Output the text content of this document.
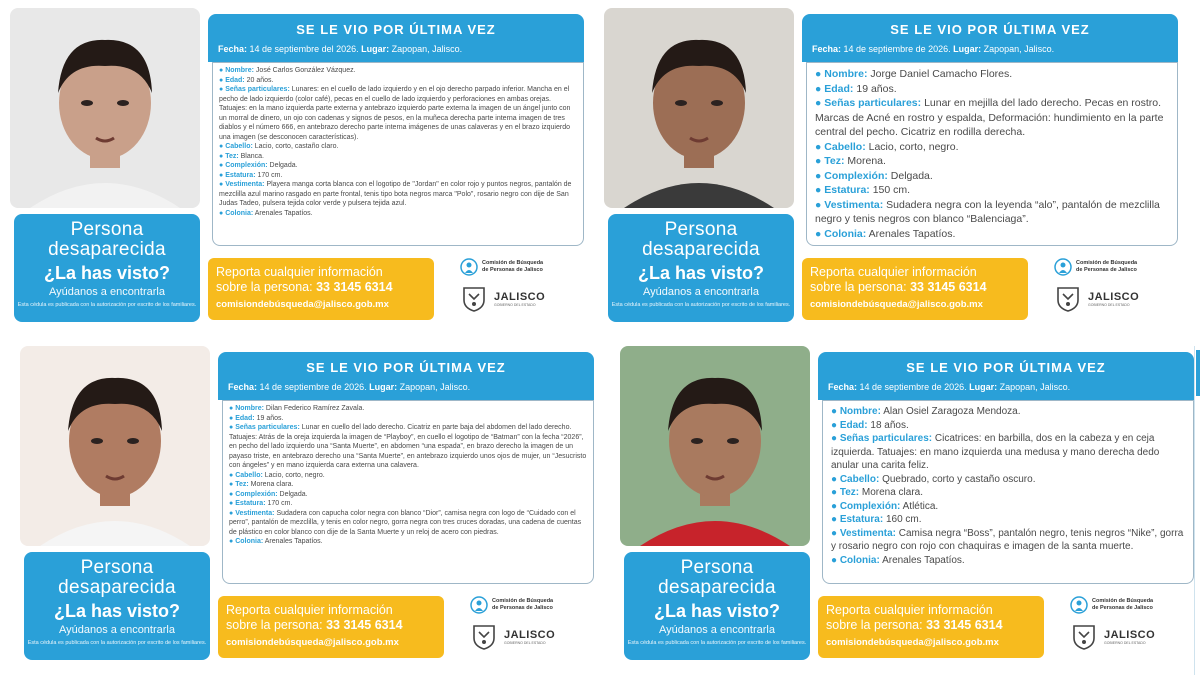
SE LE VIO POR ÚLTIMA VEZ
Fecha: 14 de septiembre del 2026. Lugar: Zapopan, Jalisco.
● Nombre: José Carlos González Vázquez.
● Edad: 20 años.
● Señas particulares: Lunares: en el cuello de lado izquierdo y en el ojo derecho parpado inferior. Mancha en el pecho de lado izquierdo (color café), pecas en el cuello de lado izquierdo y perforaciones en ambas orejas. Tatuajes: en la mano izquierda parte externa y antebrazo izquierdo parte externa la imagen de un ángel junto con un morral de dinero, un ojo con cadenas y signos de pesos, en la muñeca derecha parte interna imagen de tres diablos y el número 666, en antebrazo derecho parte interna imágenes de unas calaveras y en el brazo izquierdo una imagen (se desconocen características).
● Cabello: Lacio, corto, castaño claro.
● Tez: Blanca.
● Complexión: Delgada.
● Estatura: 170 cm.
● Vestimenta: Playera manga corta blanca con el logotipo de "Jordan" en color rojo y puntos negros, pantalón de mezclilla azul marino rasgado en parte frontal, tenis tipo bota negros marca "Polo", rosario negro con dije de San Judas Tadeo, pulsera tejida color verde y pulsera tejida azul.
● Colonia: Arenales Tapatíos.
Persona
desaparecida
¿La has visto?
Ayúdanos a encontrarla
Esta cédula es publicada con la autorización por escrito de los familiares.
Reporta cualquier información
sobre la persona: 33 3145 6314
comisiondebúsqueda@jalisco.gob.mx
Comisión de Búsqueda
de Personas de Jalisco
JALISCO
GOBIERNO DEL ESTADO
SE LE VIO POR ÚLTIMA VEZ
Fecha: 14 de septiembre de 2026. Lugar: Zapopan, Jalisco.
● Nombre: Jorge Daniel Camacho Flores.
● Edad: 19 años.
● Señas particulares: Lunar en mejilla del lado derecho. Pecas en rostro. Marcas de Acné en rostro y espalda, Deformación: hundimiento en la parte central del pecho. Cicatriz en rodilla derecha.
● Cabello: Lacio, corto, negro.
● Tez: Morena.
● Complexión: Delgada.
● Estatura: 150 cm.
● Vestimenta: Sudadera negra con la leyenda “alo”, pantalón de mezclilla negro y tenis negros con blanco “Balenciaga”.
● Colonia: Arenales Tapatíos.
Persona
desaparecida
¿La has visto?
Ayúdanos a encontrarla
Esta cédula es publicada con la autorización por escrito de los familiares.
Reporta cualquier información
sobre la persona: 33 3145 6314
comisiondebúsqueda@jalisco.gob.mx
Comisión de Búsqueda
de Personas de Jalisco
JALISCO
GOBIERNO DEL ESTADO
SE LE VIO POR ÚLTIMA VEZ
Fecha: 14 de septiembre de 2026. Lugar: Zapopan, Jalisco.
● Nombre: Dilan Federico Ramírez Zavala.
● Edad: 19 años.
● Señas particulares: Lunar en cuello del lado derecho. Cicatriz en parte baja del abdomen del lado derecho. Tatuajes: Atrás de la oreja izquierda la imagen de “Playboy”, en cuello el logotipo de “Batman” con la fecha “2026”, en pecho del lado izquierdo una “Santa Muerte”, en abdomen “una espada”, en brazo derecho la imagen de un payaso triste, en antebrazo derecho una “Santa Muerte”, en antebrazo izquierdo unos ojos de mujer, un “Jesucristo con ángeles” y en mano izquierda cara externa una calavera.
● Cabello: Lacio, corto, negro.
● Tez: Morena clara.
● Complexión: Delgada.
● Estatura: 170 cm.
● Vestimenta: Sudadera con capucha color negra con blanco “Dior”, camisa negra con logo de “Cuidado con el perro”, pantalón de mezclilla, y tenis en color negro, gorra negra con tres cruces doradas, una cadena de cuentas de plástico en color blanco con dije de la Santa Muerte y un reloj de acero con piedras.
● Colonia: Arenales Tapatíos.
Persona
desaparecida
¿La has visto?
Ayúdanos a encontrarla
Esta cédula es publicada con la autorización por escrito de los familiares.
Reporta cualquier información
sobre la persona: 33 3145 6314
comisiondebúsqueda@jalisco.gob.mx
Comisión de Búsqueda
de Personas de Jalisco
JALISCO
GOBIERNO DEL ESTADO
SE LE VIO POR ÚLTIMA VEZ
Fecha: 14 de septiembre de 2026. Lugar: Zapopan, Jalisco.
● Nombre: Alan Osiel Zaragoza Mendoza.
● Edad: 18 años.
● Señas particulares: Cicatrices: en barbilla, dos en la cabeza y en ceja izquierda. Tatuajes: en mano izquierda una medusa y mano derecha dedo anular una carita feliz.
● Cabello: Quebrado, corto y castaño oscuro.
● Tez: Morena clara.
● Complexión: Atlética.
● Estatura: 160 cm.
● Vestimenta: Camisa negra “Boss”, pantalón negro, tenis negros “Nike”, gorra y rosario negro con rojo con chaquiras e imagen de la santa muerte.
● Colonia: Arenales Tapatíos.
Persona
desaparecida
¿La has visto?
Ayúdanos a encontrarla
Esta cédula es publicada con la autorización por escrito de los familiares.
Reporta cualquier información
sobre la persona: 33 3145 6314
comisiondebúsqueda@jalisco.gob.mx
Comisión de Búsqueda
de Personas de Jalisco
JALISCO
GOBIERNO DEL ESTADO
